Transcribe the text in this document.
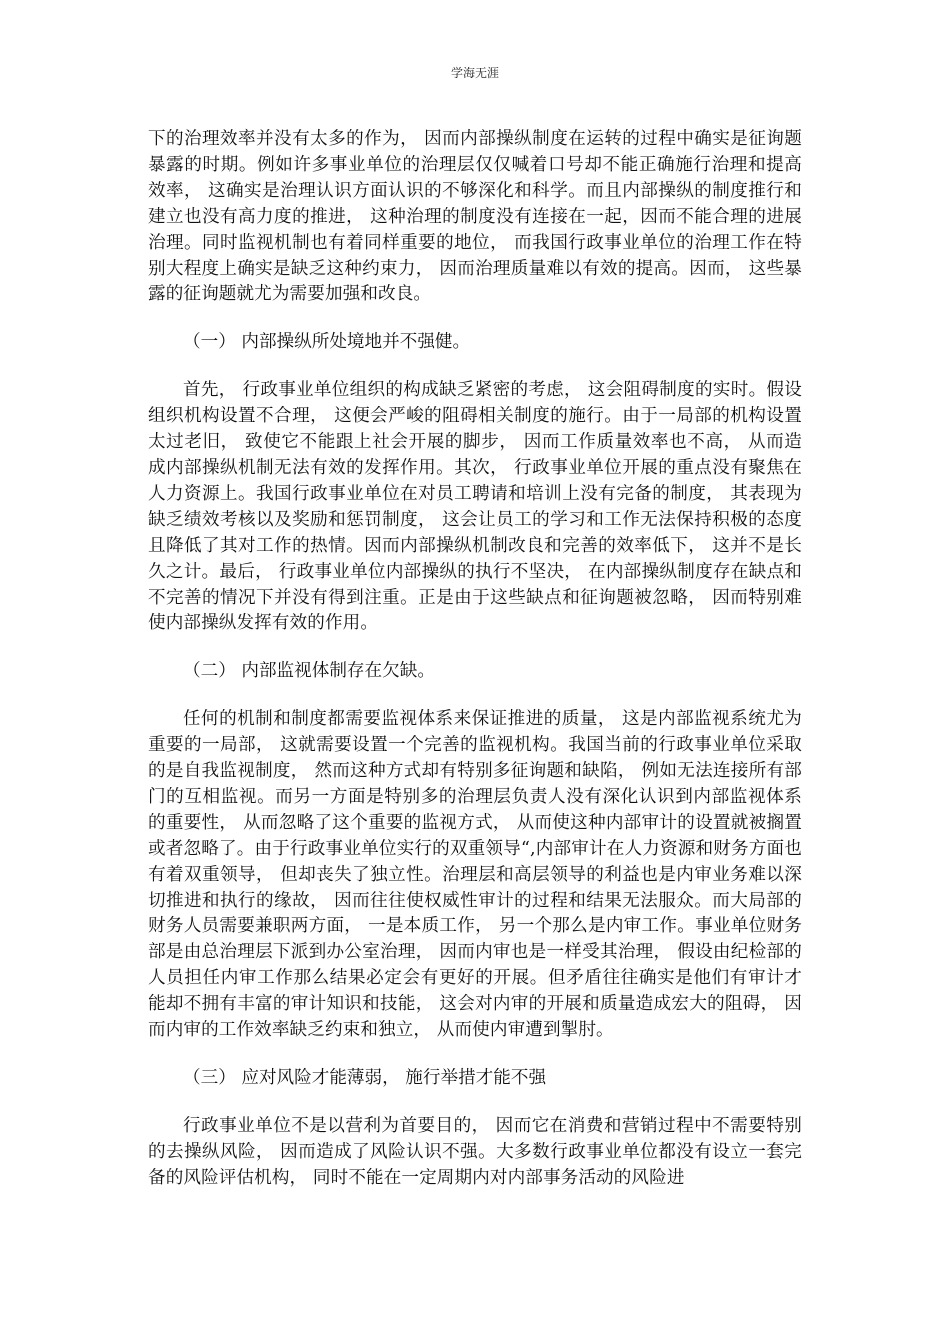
学海无涯

下的治理效率并没有太多的作为， 因而内部操纵制度在运转的过程中确实是征询题暴露的时期。例如许多事业单位的治理层仅仅喊着口号却不能正确施行治理和提高效率， 这确实是治理认识方面认识的不够深化和科学。而且内部操纵的制度推行和建立也没有高力度的推进， 这种治理的制度没有连接在一起，因而不能合理的进展治理。同时监视机制也有着同样重要的地位， 而我国行政事业单位的治理工作在特别大程度上确实是缺乏这种约束力， 因而治理质量难以有效的提高。因而， 这些暴露的征询题就尤为需要加强和改良。

（一） 内部操纵所处境地并不强健。

首先， 行政事业单位组织的构成缺乏紧密的考虑， 这会阻碍制度的实时。假设组织机构设置不合理， 这便会严峻的阻碍相关制度的施行。由于一局部的机构设置太过老旧， 致使它不能跟上社会开展的脚步， 因而工作质量效率也不高， 从而造成内部操纵机制无法有效的发挥作用。其次， 行政事业单位开展的重点没有聚焦在人力资源上。我国行政事业单位在对员工聘请和培训上没有完备的制度， 其表现为缺乏绩效考核以及奖励和惩罚制度， 这会让员工的学习和工作无法保持积极的态度且降低了其对工作的热情。因而内部操纵机制改良和完善的效率低下， 这并不是长久之计。最后， 行政事业单位内部操纵的执行不坚决， 在内部操纵制度存在缺点和不完善的情况下并没有得到注重。正是由于这些缺点和征询题被忽略， 因而特别难使内部操纵发挥有效的作用。

（二） 内部监视体制存在欠缺。

任何的机制和制度都需要监视体系来保证推进的质量， 这是内部监视系统尤为重要的一局部， 这就需要设置一个完善的监视机构。我国当前的行政事业单位采取的是自我监视制度， 然而这种方式却有特别多征询题和缺陷， 例如无法连接所有部门的互相监视。而另一方面是特别多的治理层负责人没有深化认识到内部监视体系的重要性， 从而忽略了这个重要的监视方式， 从而使这种内部审计的设置就被搁置或者忽略了。由于行政事业单位实行的双重领导“,内部审计在人力资源和财务方面也有着双重领导， 但却丧失了独立性。治理层和高层领导的利益也是内审业务难以深切推进和执行的缘故， 因而往往使权威性审计的过程和结果无法服众。而大局部的财务人员需要兼职两方面， 一是本质工作， 另一个那么是内审工作。事业单位财务部是由总治理层下派到办公室治理， 因而内审也是一样受其治理， 假设由纪检部的人员担任内审工作那么结果必定会有更好的开展。但矛盾往往确实是他们有审计才能却不拥有丰富的审计知识和技能， 这会对内审的开展和质量造成宏大的阻碍， 因而内审的工作效率缺乏约束和独立， 从而使内审遭到掣肘。

（三） 应对风险才能薄弱， 施行举措才能不强

行政事业单位不是以营利为首要目的， 因而它在消费和营销过程中不需要特别的去操纵风险， 因而造成了风险认识不强。大多数行政事业单位都没有设立一套完备的风险评估机构， 同时不能在一定周期内对内部事务活动的风险进
